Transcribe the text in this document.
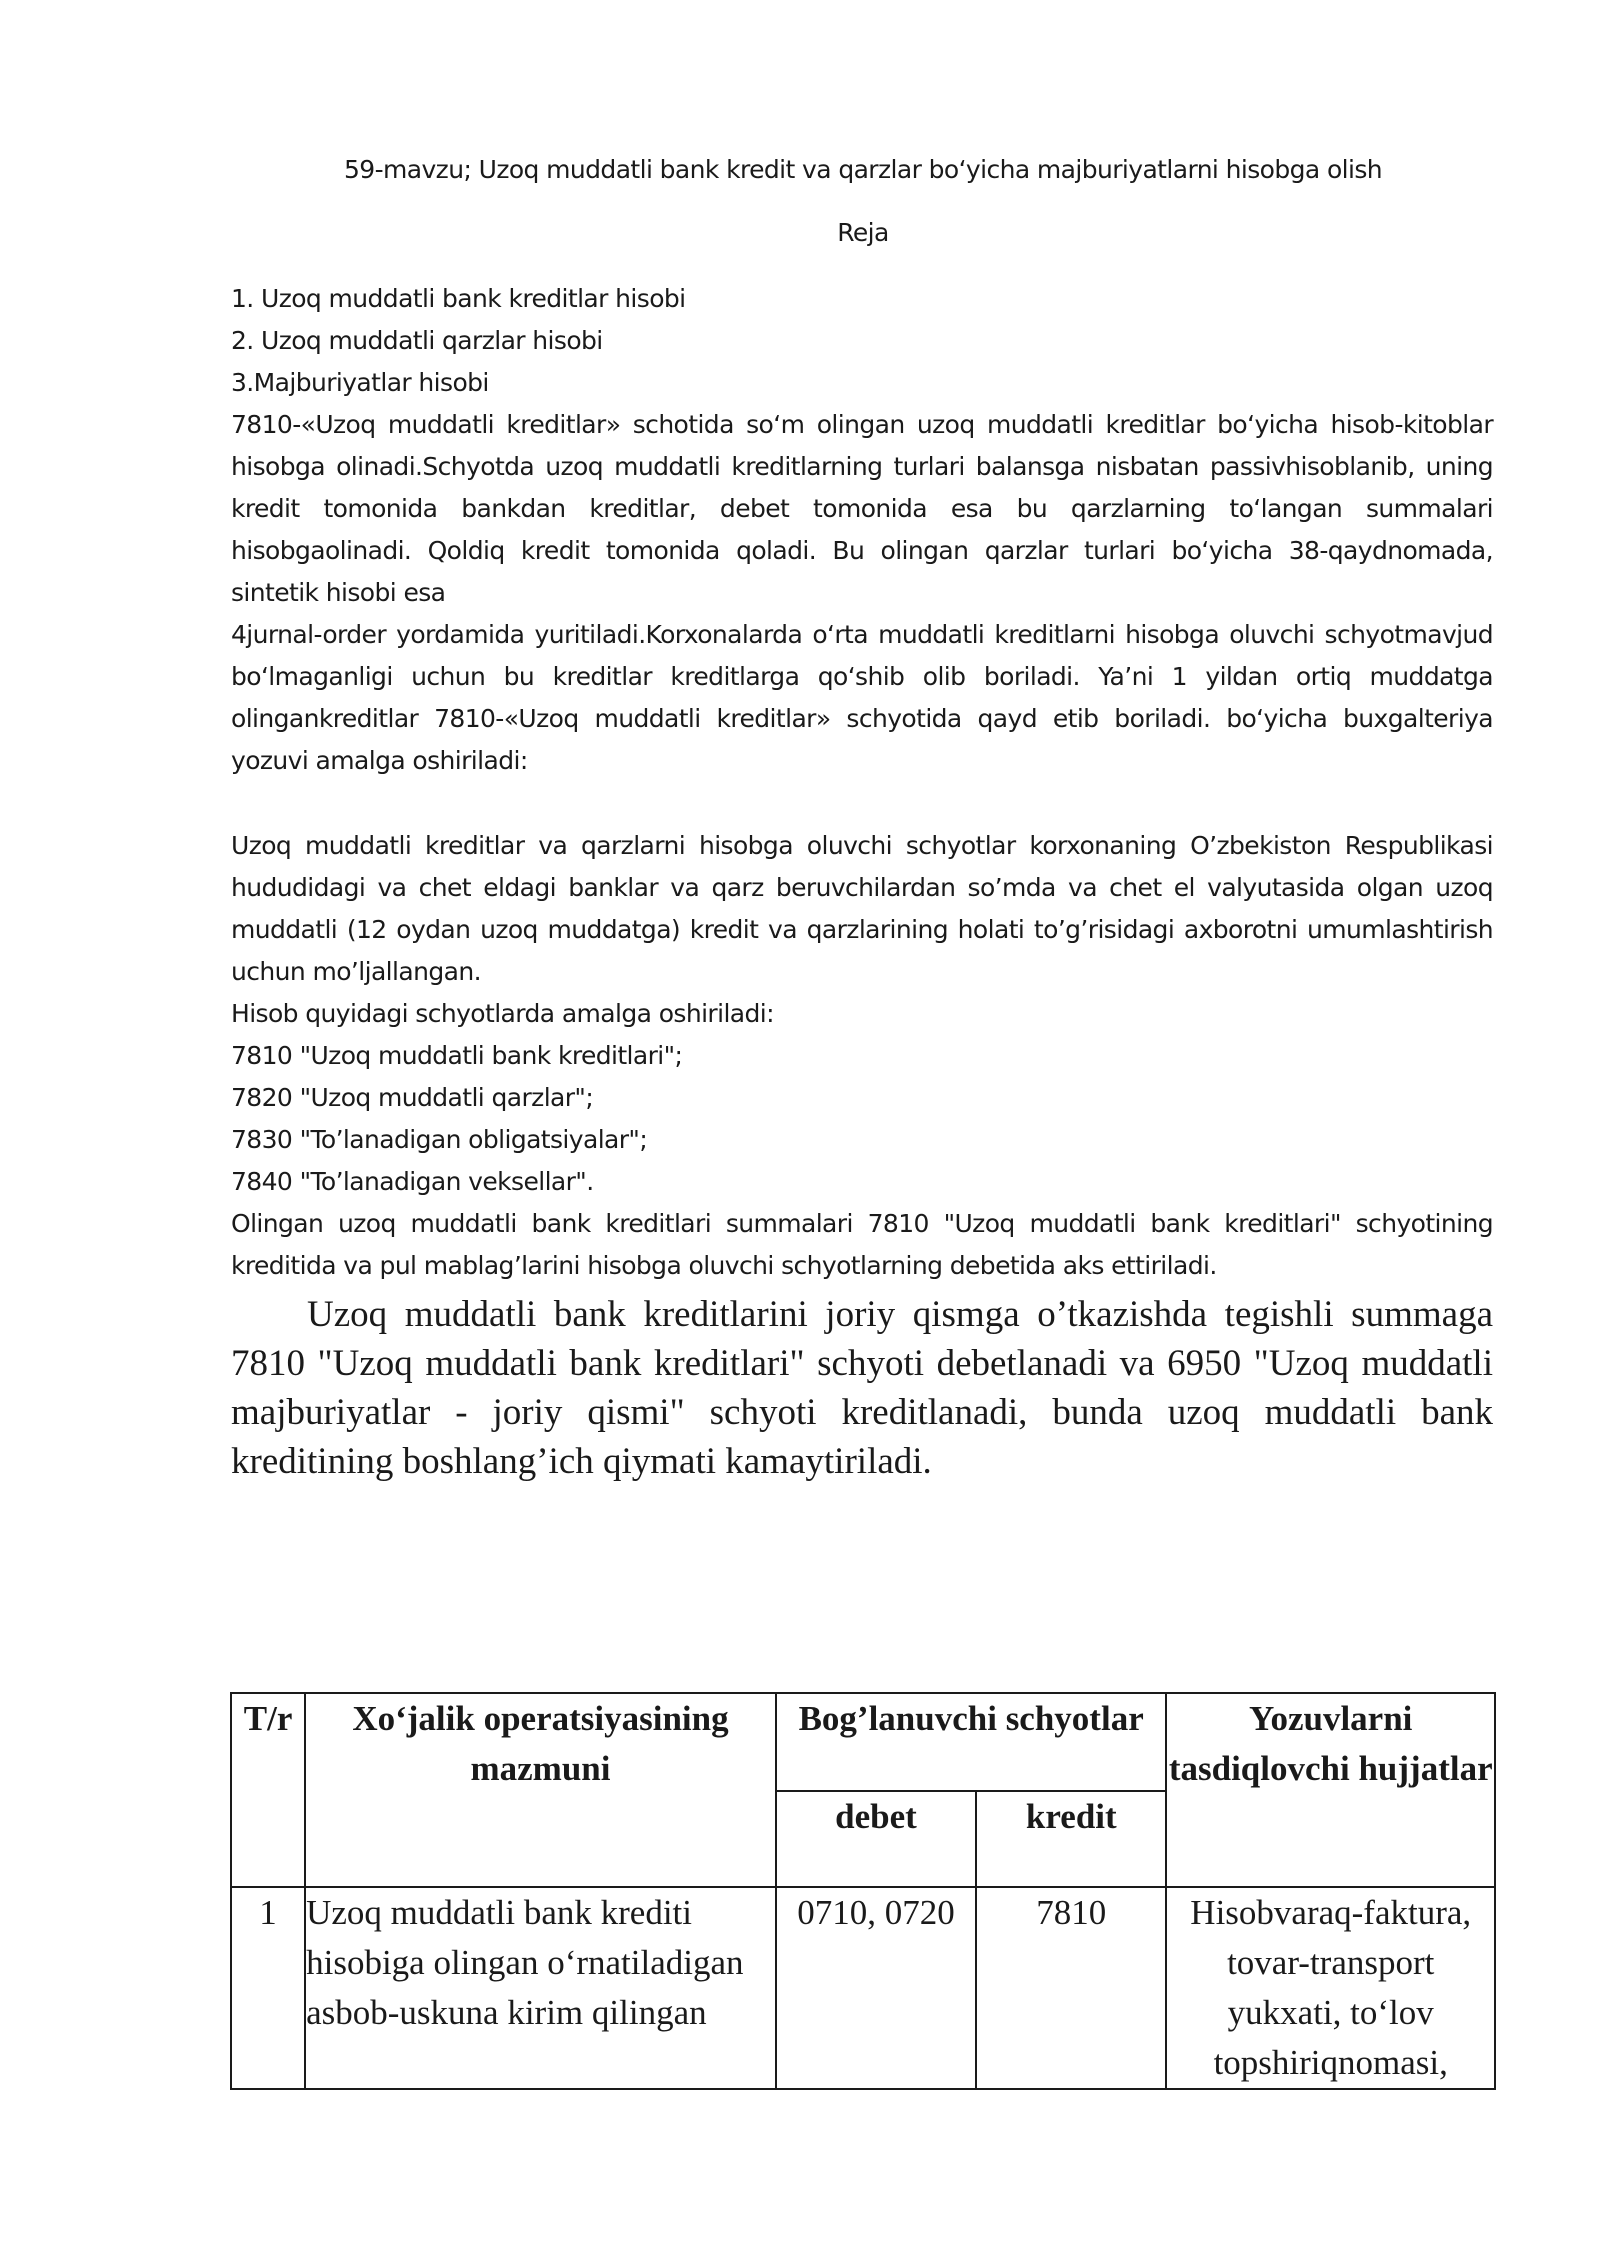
59-mavzu; Uzoq muddatli bank kredit va qarzlar boʻyicha majburiyatlarni hisobga olish
Reja

1. Uzoq muddatli bank kreditlar hisobi

2. Uzoq muddatli qarzlar hisobi

3.Majburiyatlar hisobi

7810-«Uzoq muddatli kreditlar» schotida soʻm olingan uzoq muddatli kreditlar boʻyicha hisob-kitoblar hisobga olinadi.Schyotda uzoq muddatli kreditlarning turlari balansga nisbatan passivhisoblanib, uning kredit tomonida bankdan kreditlar, debet tomonida esa bu qarzlarning toʻlangan summalari hisobgaolinadi. Qoldiq kredit tomonida qoladi. Bu olingan qarzlar turlari boʻyicha 38-qaydnomada, sintetik hisobi esa

4jurnal-order yordamida yuritiladi.Korxonalarda oʻrta muddatli kreditlarni hisobga oluvchi schyotmavjud boʻlmaganligi uchun bu kreditlar kreditlarga qoʻshib olib boriladi. Ya’ni 1 yildan ortiq muddatga olingankreditlar 7810-«Uzoq muddatli kreditlar» schyotida qayd etib boriladi. boʻyicha buxgalteriya yozuvi amalga oshiriladi:

Uzoq muddatli kreditlar va qarzlarni hisobga oluvchi schyotlar korxonaning O’zbekiston Respublikasi hududidagi va chet eldagi banklar va qarz beruvchilardan so’mda va chet el valyutasida olgan uzoq muddatli (12 oydan uzoq muddatga) kredit va qarzlarining holati to’g’risidagi axborotni umumlashtirish uchun mo’ljallangan.

Hisob quyidagi schyotlarda amalga oshiriladi:

7810 "Uzoq muddatli bank kreditlari";

7820 "Uzoq muddatli qarzlar";

7830 "To’lanadigan obligatsiyalar";

7840 "To’lanadigan veksellar".

Olingan uzoq muddatli bank kreditlari summalari 7810 "Uzoq muddatli bank kreditlari" schyotining kreditida va pul mablag’larini hisobga oluvchi schyotlarning debetida aks ettiriladi.

Uzoq muddatli bank kreditlarini joriy qismga o’tkazishda tegishli summaga 7810 "Uzoq muddatli bank kreditlari" schyoti debetlanadi va 6950 "Uzoq muddatli majburiyatlar - joriy qismi" schyoti kreditlanadi, bunda uzoq muddatli bank kreditining boshlang’ich qiymati kamaytiriladi.

T/r	Xoʻjalik operatsiyasining mazmuni	Bog’lanuvchi schyotlar		Yozuvlarni tasdiqlovchi hujjatlar
		debet	kredit	
1	Uzoq muddatli bank krediti hisobiga olingan oʻrnatiladigan asbob-uskuna kirim qilingan	0710, 0720	7810	Hisobvaraq-faktura, tovar-transport yukxati, toʻlov topshiriqnomasi,
